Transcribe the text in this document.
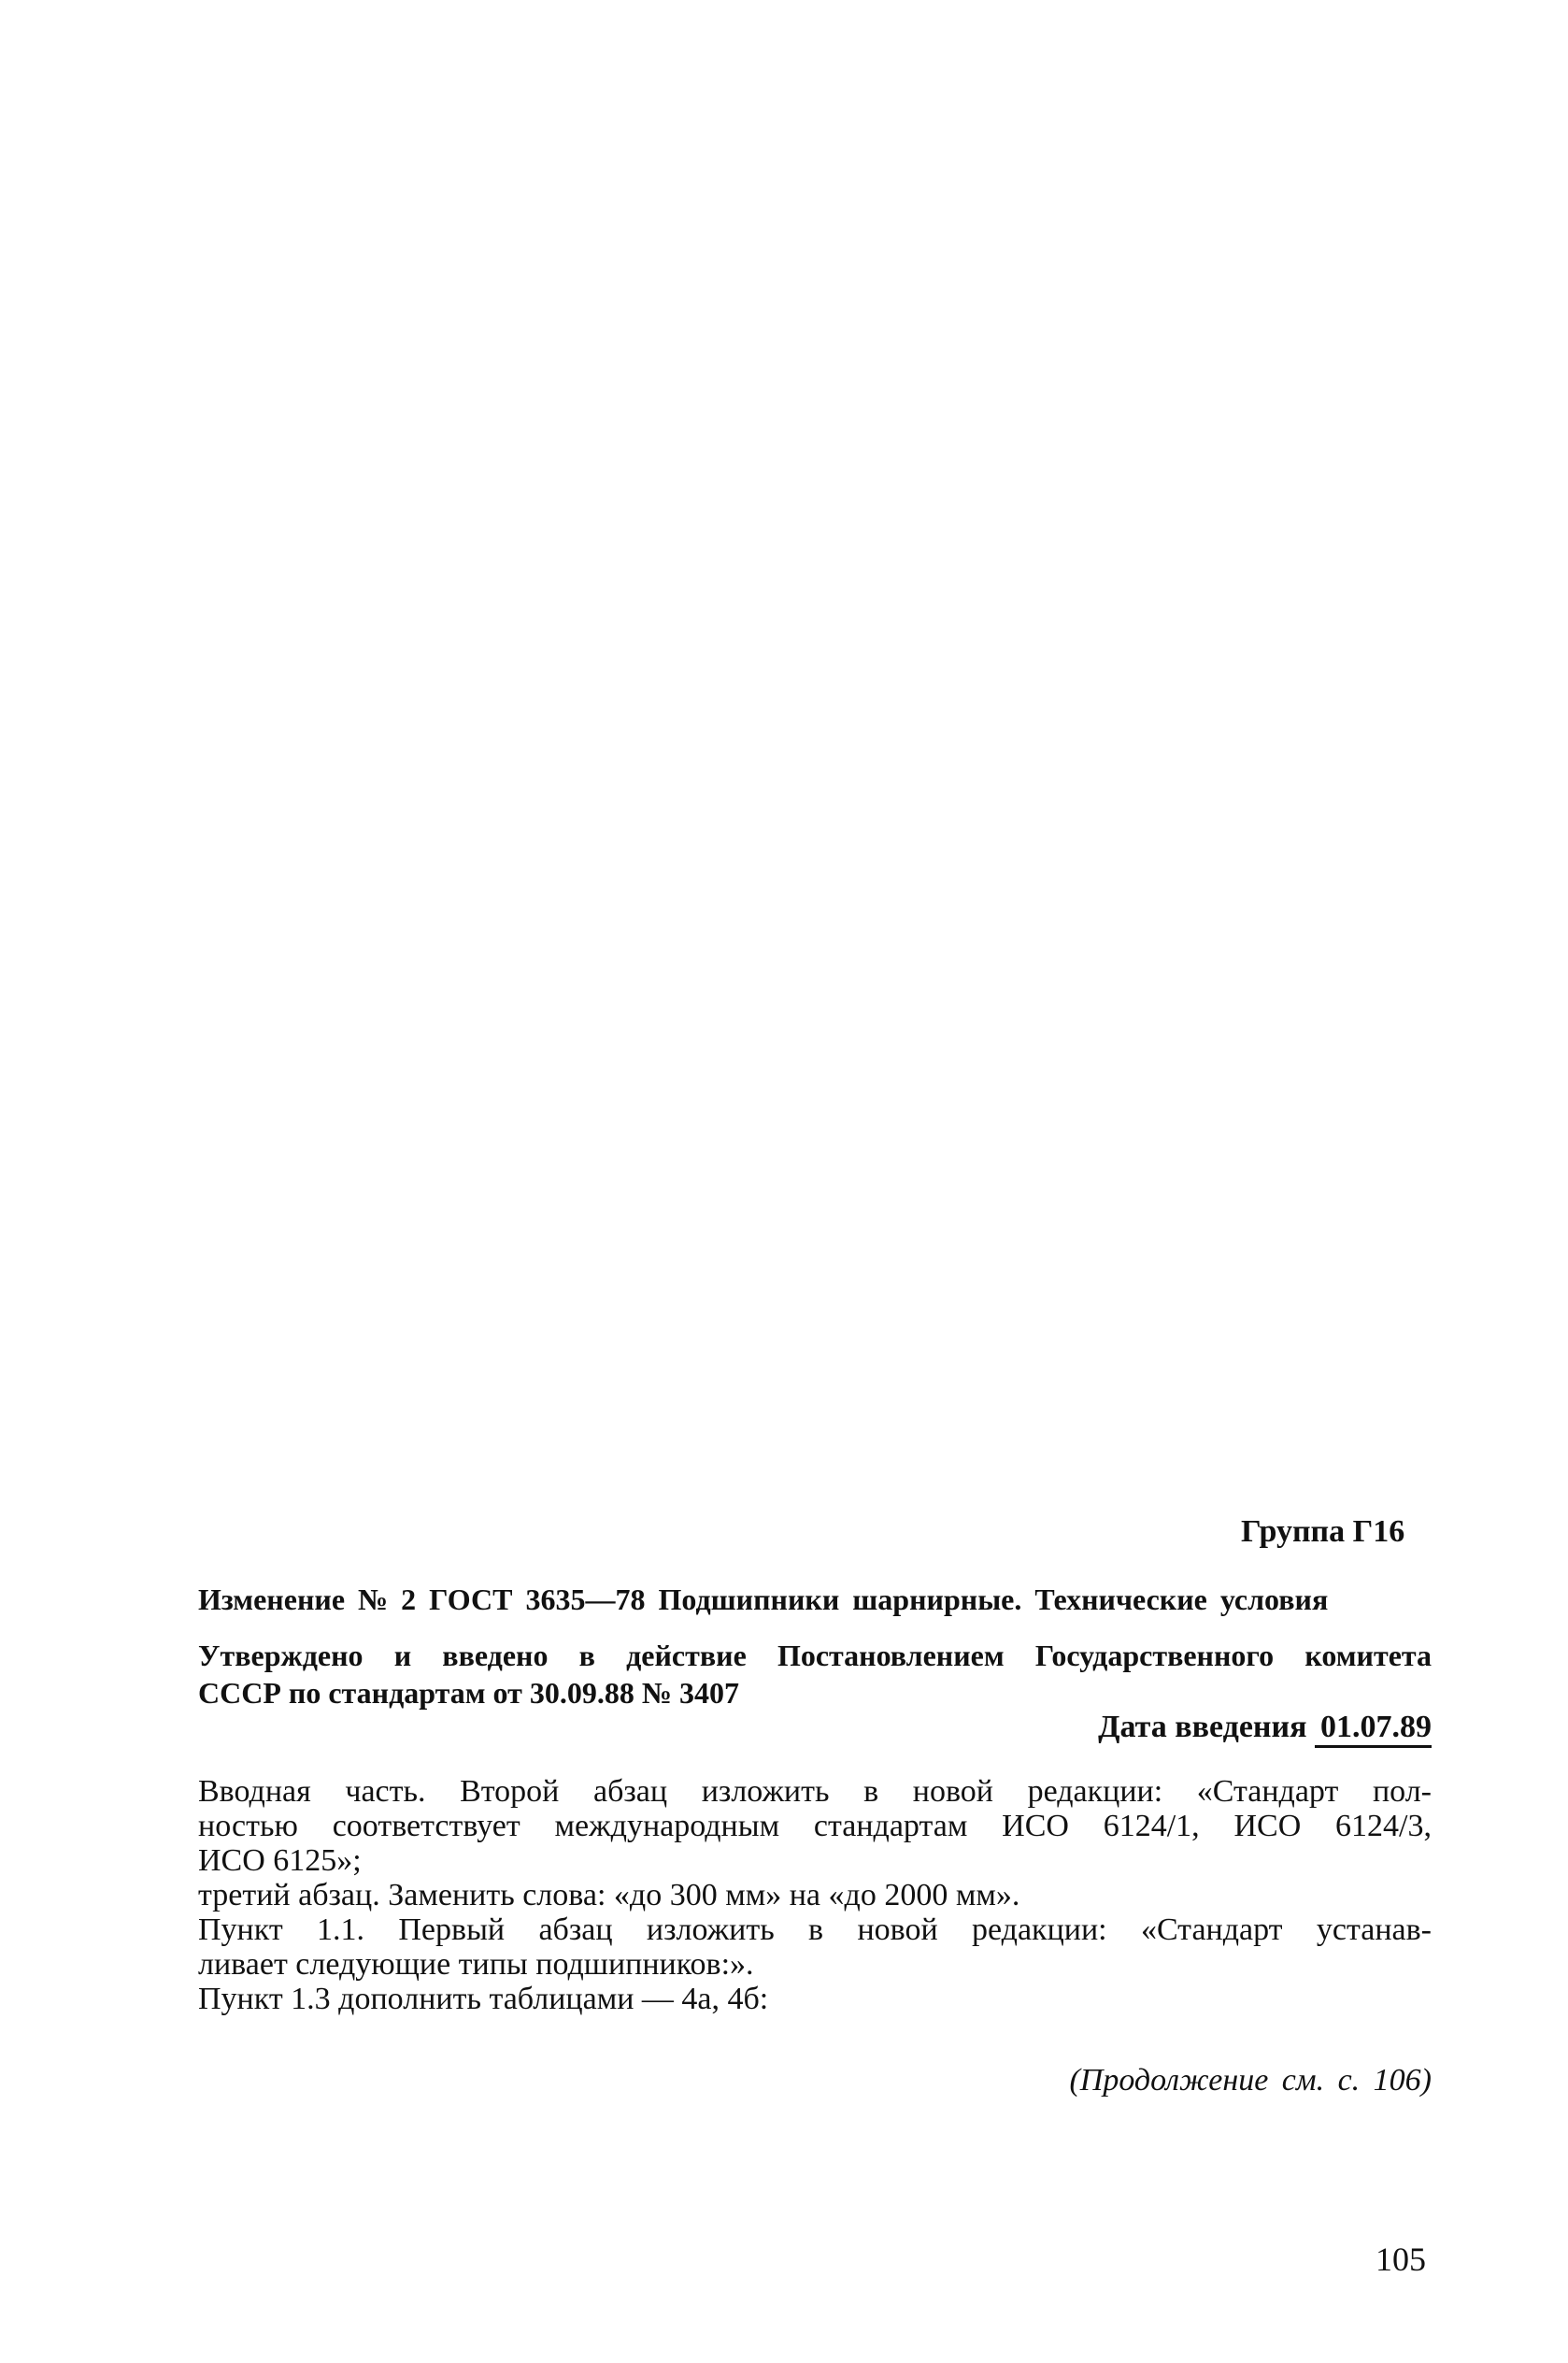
Группа Г16
Изменение № 2 ГОСТ 3635—78 Подшипники шарнирные. Технические условия
Утверждено и введено в действие Постановлением Государственного комитета
СССР по стандартам от 30.09.88 № 3407
Дата введения 01.07.89
Вводная часть. Второй абзац изложить в новой редакции: «Стандарт пол-
ностью соответствует международным стандартам ИСО 6124/1, ИСО 6124/3,
ИСО 6125»;
третий абзац. Заменить слова: «до 300 мм» на «до 2000 мм».
Пункт 1.1. Первый абзац изложить в новой редакции: «Стандарт устанав-
ливает следующие типы подшипников:».
Пункт 1.3 дополнить таблицами — 4а, 4б:
(Продолжение см. с. 106)
105
